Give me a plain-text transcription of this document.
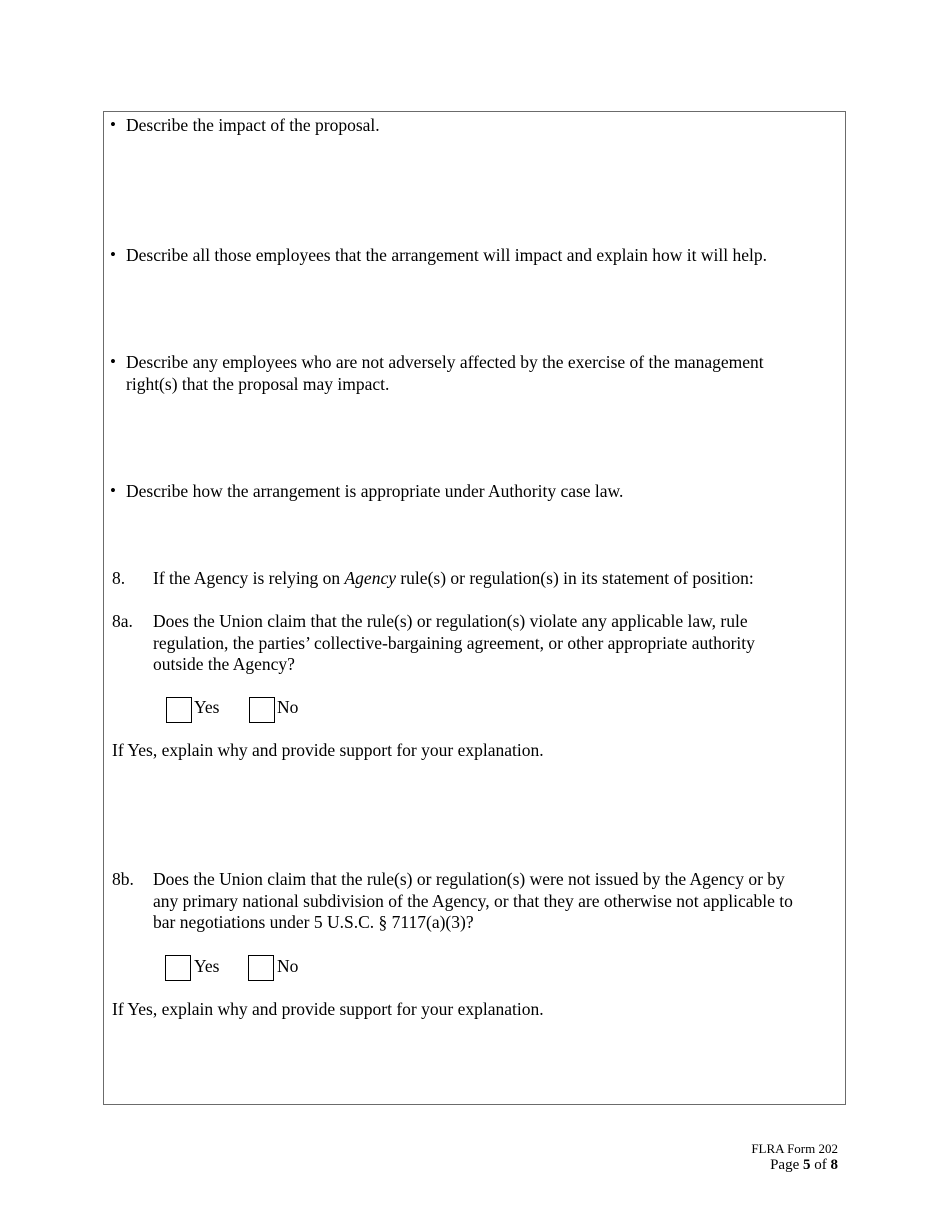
• Describe the impact of the proposal.
• Describe all those employees that the arrangement will impact and explain how it will help.
• Describe any employees who are not adversely affected by the exercise of the management
right(s) that the proposal may impact.
• Describe how the arrangement is appropriate under Authority case law.
8. If the Agency is relying on Agency rule(s) or regulation(s) in its statement of position:
8a. Does the Union claim that the rule(s) or regulation(s) violate any applicable law, rule
regulation, the parties’ collective-bargaining agreement, or other appropriate authority
outside the Agency?
Yes	No
If Yes, explain why and provide support for your explanation.
8b. Does the Union claim that the rule(s) or regulation(s) were not issued by the Agency or by
any primary national subdivision of the Agency, or that they are otherwise not applicable to
bar negotiations under 5 U.S.C. § 7117(a)(3)?
Yes	No
If Yes, explain why and provide support for your explanation.
FLRA Form 202
Page 5 of 8
